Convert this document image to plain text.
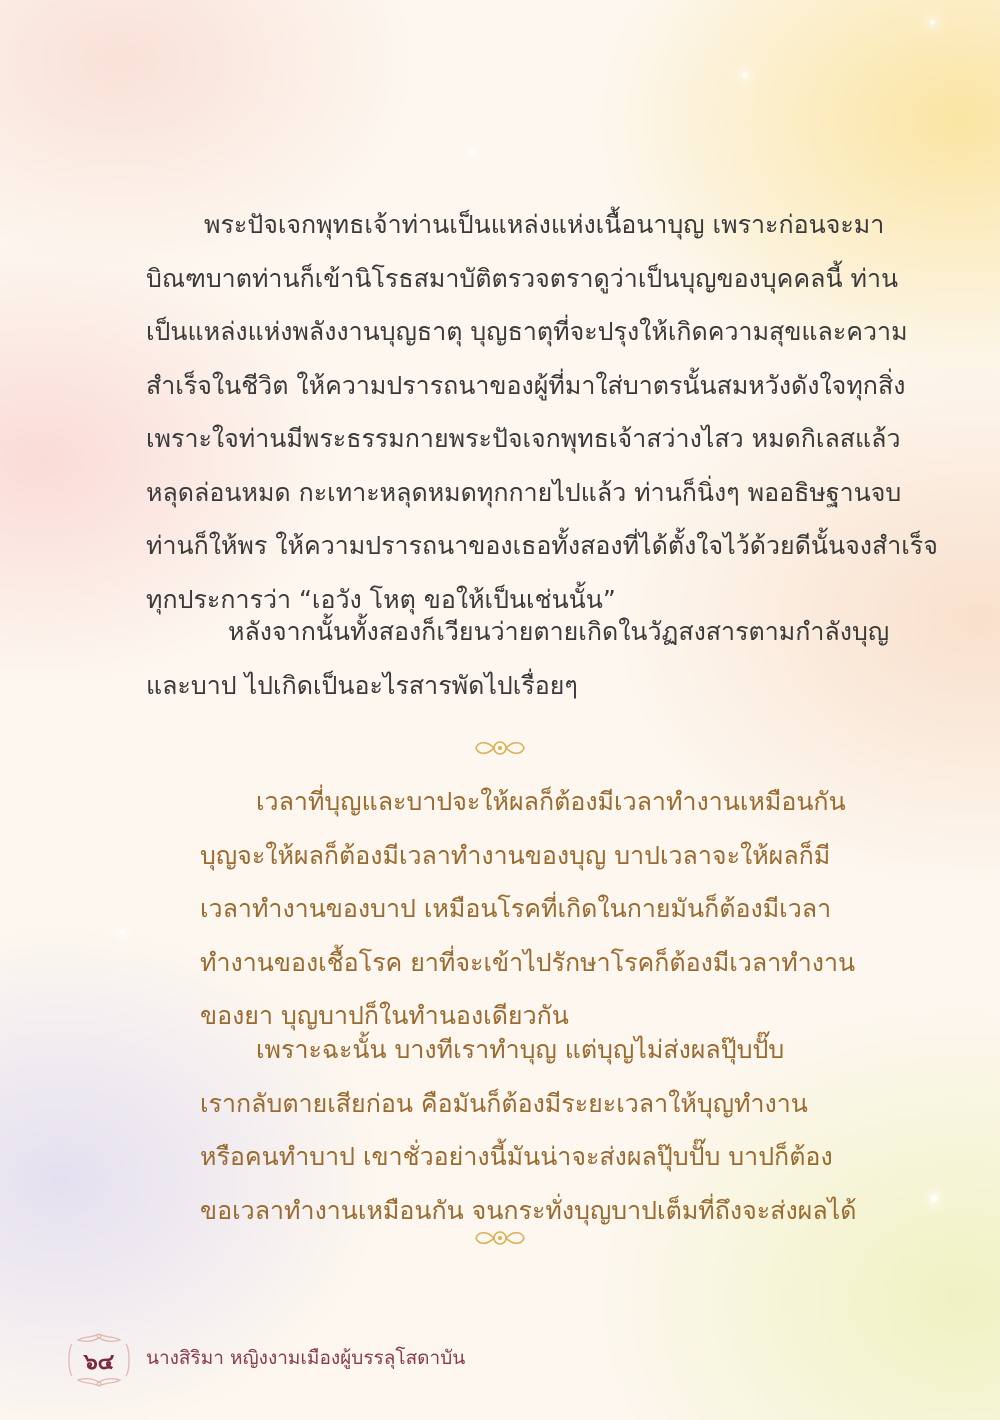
พระปัจเจกพุทธเจ้าท่านเป็นแหล่งแห่งเนื้อนาบุญ เพราะก่อนจะมา
บิณฑบาตท่านก็เข้านิโรธสมาบัติตรวจตราดูว่าเป็นบุญของบุคคลนี้ ท่าน
เป็นแหล่งแห่งพลังงานบุญธาตุ บุญธาตุที่จะปรุงให้เกิดความสุขและความ
สำเร็จในชีวิต ให้ความปรารถนาของผู้ที่มาใส่บาตรนั้นสมหวังดังใจทุกสิ่ง
เพราะใจท่านมีพระธรรมกายพระปัจเจกพุทธเจ้าสว่างไสว หมดกิเลสแล้ว
หลุดล่อนหมด กะเทาะหลุดหมดทุกกายไปแล้ว ท่านก็นิ่งๆ พออธิษฐานจบ
ท่านก็ให้พร ให้ความปรารถนาของเธอทั้งสองที่ได้ตั้งใจไว้ด้วยดีนั้นจงสำเร็จ
ทุกประการว่า “เอวัง โหตุ ขอให้เป็นเช่นนั้น”
หลังจากนั้นทั้งสองก็เวียนว่ายตายเกิดในวัฏสงสารตามกำลังบุญ
และบาป ไปเกิดเป็นอะไรสารพัดไปเรื่อยๆ
เวลาที่บุญและบาปจะให้ผลก็ต้องมีเวลาทำงานเหมือนกัน
บุญจะให้ผลก็ต้องมีเวลาทำงานของบุญ บาปเวลาจะให้ผลก็มี
เวลาทำงานของบาป เหมือนโรคที่เกิดในกายมันก็ต้องมีเวลา
ทำงานของเชื้อโรค ยาที่จะเข้าไปรักษาโรคก็ต้องมีเวลาทำงาน
ของยา บุญบาปก็ในทำนองเดียวกัน
เพราะฉะนั้น บางทีเราทำบุญ แต่บุญไม่ส่งผลปุ๊บปั๊บ
เรากลับตายเสียก่อน คือมันก็ต้องมีระยะเวลาให้บุญทำงาน
หรือคนทำบาป เขาชั่วอย่างนี้มันน่าจะส่งผลปุ๊บปั๊บ บาปก็ต้อง
ขอเวลาทำงานเหมือนกัน จนกระทั่งบุญบาปเต็มที่ถึงจะส่งผลได้
๖๔	นางสิริมา หญิงงามเมืองผู้บรรลุโสดาบัน
